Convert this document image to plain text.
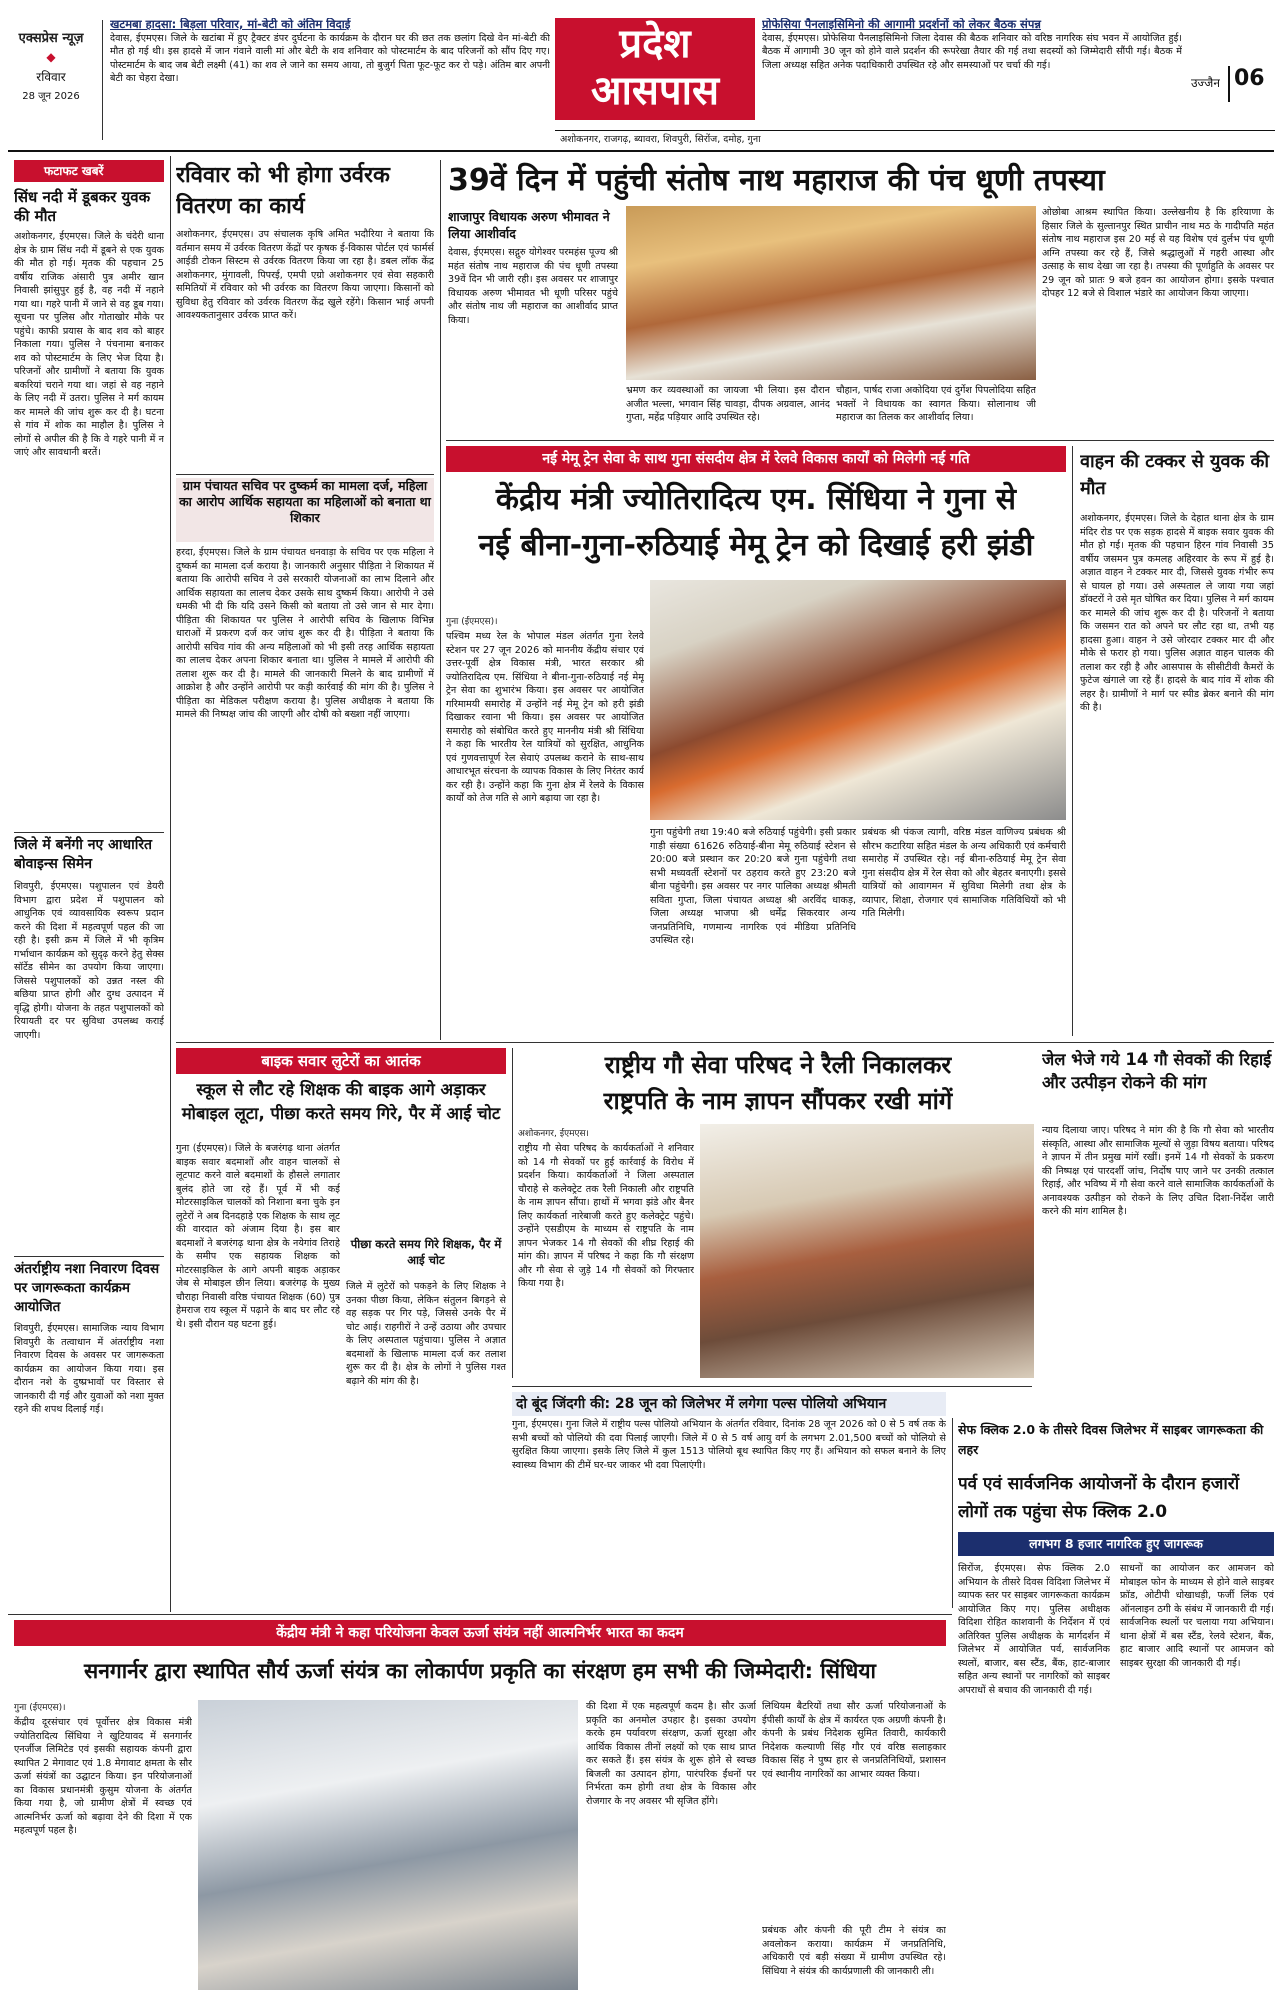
एक्सप्रेस न्यूज़
◆
रविवार
28 जून 2026
खटमबा हादसा: बिड़ला परिवार, मां-बेटी को अंतिम विदाई

देवास, ईएमएस। जिले के खटांबा में हुए ट्रैक्टर डंपर दुर्घटना के कार्यक्रम के दौरान घर की छत तक छलांग दिखे वेन मां-बेटी की मौत हो गई थी। इस हादसे में जान गंवाने वाली मां और बेटी के शव शनिवार को पोस्टमार्टम के बाद परिजनों को सौंप दिए गए। पोस्टमार्टम के बाद जब बेटी लक्ष्मी (41) का शव ले जाने का समय आया, तो बुजुर्ग पिता फूट-फूट कर रो पड़े। अंतिम बार अपनी बेटी का चेहरा देखा।

प्रदेश
आसपास
प्रोफेसिया पैनलाइसिमिनो की आगामी प्रदर्शनों को लेकर बैठक संपन्न

देवास, ईएमएस। प्रोफेसिया पैनलाइसिमिनो जिला देवास की बैठक शनिवार को वरिष्ठ नागरिक संघ भवन में आयोजित हुई। बैठक में आगामी 30 जून को होने वाले प्रदर्शन की रूपरेखा तैयार की गई तथा सदस्यों को जिम्मेदारी सौंपी गई। बैठक में जिला अध्यक्ष सहित अनेक पदाधिकारी उपस्थित रहे और समस्याओं पर चर्चा की गई।

उज्जैन 06
अशोकनगर, राजगढ़, ब्यावरा, शिवपुरी, सिरोंज, दमोह, गुना
फटाफट खबरें
सिंध नदी में डूबकर युवक की मौत
अशोकनगर, ईएमएस। जिले के चंदेरी थाना क्षेत्र के ग्राम सिंध नदी में डूबने से एक युवक की मौत हो गई। मृतक की पहचान 25 वर्षीय राजिक अंसारी पुत्र अमीर खान निवासी झांसुपुर हुई है, वह नदी में नहाने गया था। गहरे पानी में जाने से वह डूब गया। सूचना पर पुलिस और गोताखोर मौके पर पहुंचे। काफी प्रयास के बाद शव को बाहर निकाला गया। पुलिस ने पंचनामा बनाकर शव को पोस्टमार्टम के लिए भेज दिया है। परिजनों और ग्रामीणों ने बताया कि युवक बकरियां चराने गया था। जहां से वह नहाने के लिए नदी में उतरा। पुलिस ने मर्ग कायम कर मामले की जांच शुरू कर दी है। घटना से गांव में शोक का माहौल है। पुलिस ने लोगों से अपील की है कि वे गहरे पानी में न जाएं और सावधानी बरतें।
जिले में बनेंगी नए आधारित बोवाइन्स सिमेन
शिवपुरी, ईएमएस। पशुपालन एवं डेयरी विभाग द्वारा प्रदेश में पशुपालन को आधुनिक एवं व्यावसायिक स्वरूप प्रदान करने की दिशा में महत्वपूर्ण पहल की जा रही है। इसी क्रम में जिले में भी कृत्रिम गर्भाधान कार्यक्रम को सुदृढ़ करने हेतु सेक्स सॉर्टेड सीमेन का उपयोग किया जाएगा। जिससे पशुपालकों को उन्नत नस्ल की बछिया प्राप्त होगी और दुग्ध उत्पादन में वृद्धि होगी। योजना के तहत पशुपालकों को रियायती दर पर सुविधा उपलब्ध कराई जाएगी।
अंतर्राष्ट्रीय नशा निवारण दिवस पर जागरूकता कार्यक्रम आयोजित
शिवपुरी, ईएमएस। सामाजिक न्याय विभाग शिवपुरी के तत्वाधान में अंतर्राष्ट्रीय नशा निवारण दिवस के अवसर पर जागरूकता कार्यक्रम का आयोजन किया गया। इस दौरान नशे के दुष्प्रभावों पर विस्तार से जानकारी दी गई और युवाओं को नशा मुक्त रहने की शपथ दिलाई गई।
रविवार को भी होगा उर्वरक वितरण का कार्य
अशोकनगर, ईएमएस। उप संचालक कृषि अमित भदौरिया ने बताया कि वर्तमान समय में उर्वरक वितरण केंद्रों पर कृषक ई-विकास पोर्टल एवं फार्मर्स आईडी टोकन सिस्टम से उर्वरक वितरण किया जा रहा है। डबल लॉक केंद्र अशोकनगर, मुंगावली, पिपरई, एमपी एग्रो अशोकनगर एवं सेवा सहकारी समितियों में रविवार को भी उर्वरक का वितरण किया जाएगा। किसानों को सुविधा हेतु रविवार को उर्वरक वितरण केंद्र खुले रहेंगे। किसान भाई अपनी आवश्यकतानुसार उर्वरक प्राप्त करें।
ग्राम पंचायत सचिव पर दुष्कर्म का मामला दर्ज, महिला का आरोप आर्थिक सहायता का महिलाओं को बनाता था शिकार
हरदा, ईएमएस। जिले के ग्राम पंचायत धनवाड़ा के सचिव पर एक महिला ने दुष्कर्म का मामला दर्ज कराया है। जानकारी अनुसार पीड़िता ने शिकायत में बताया कि आरोपी सचिव ने उसे सरकारी योजनाओं का लाभ दिलाने और आर्थिक सहायता का लालच देकर उसके साथ दुष्कर्म किया। आरोपी ने उसे धमकी भी दी कि यदि उसने किसी को बताया तो उसे जान से मार देगा। पीड़िता की शिकायत पर पुलिस ने आरोपी सचिव के खिलाफ विभिन्न धाराओं में प्रकरण दर्ज कर जांच शुरू कर दी है। पीड़िता ने बताया कि आरोपी सचिव गांव की अन्य महिलाओं को भी इसी तरह आर्थिक सहायता का लालच देकर अपना शिकार बनाता था। पुलिस ने मामले में आरोपी की तलाश शुरू कर दी है। मामले की जानकारी मिलने के बाद ग्रामीणों में आक्रोश है और उन्होंने आरोपी पर कड़ी कार्रवाई की मांग की है। पुलिस ने पीड़िता का मेडिकल परीक्षण कराया है। पुलिस अधीक्षक ने बताया कि मामले की निष्पक्ष जांच की जाएगी और दोषी को बख्शा नहीं जाएगा।
39वें दिन में पहुंची संतोष नाथ महाराज की पंच धूणी तपस्या
शाजापुर विधायक अरुण भीमावत ने लिया आशीर्वाद
देवास, ईएमएस। सद्गुरु योगेश्वर परमहंस पूज्य श्री महंत संतोष नाथ महाराज की पंच धूणी तपस्या 39वें दिन भी जारी रही। इस अवसर पर शाजापुर विधायक अरुण भीमावत भी धूणी परिसर पहुंचे और संतोष नाथ जी महाराज का आशीर्वाद प्राप्त किया।
भ्रमण कर व्यवस्थाओं का जायजा भी लिया। इस दौरान अजीत भल्ला, भगवान सिंह चावड़ा, दीपक अग्रवाल, आनंद गुप्ता, महेंद्र पड़ियार आदि उपस्थित रहे।
चौहान, पार्षद राजा अकोदिया एवं दुर्गेश पिपलोदिया सहित भक्तों ने विधायक का स्वागत किया। सोलानाथ जी महाराज का तिलक कर आशीर्वाद लिया।
ओछोबा आश्रम स्थापित किया। उल्लेखनीय है कि हरियाणा के हिसार जिले के सुल्तानपुर स्थित प्राचीन नाथ मठ के गादीपति महंत संतोष नाथ महाराज इस 20 मई से यह विशेष एवं दुर्लभ पंच धूणी अग्नि तपस्या कर रहे हैं, जिसे श्रद्धालुओं में गहरी आस्था और उत्साह के साथ देखा जा रहा है। तपस्या की पूर्णाहुति के अवसर पर 29 जून को प्रातः 9 बजे हवन का आयोजन होगा। इसके पश्चात दोपहर 12 बजे से विशाल भंडारे का आयोजन किया जाएगा।
नई मेमू ट्रेन सेवा के साथ गुना संसदीय क्षेत्र में रेलवे विकास कार्यों को मिलेगी नई गति
केंद्रीय मंत्री ज्योतिरादित्य एम. सिंधिया ने गुना से
नई बीना-गुना-रुठियाई मेमू ट्रेन को दिखाई हरी झंडी
गुना (ईएमएस)।
पश्चिम मध्य रेल के भोपाल मंडल अंतर्गत गुना रेलवे स्टेशन पर 27 जून 2026 को माननीय केंद्रीय संचार एवं उत्तर-पूर्वी क्षेत्र विकास मंत्री, भारत सरकार श्री ज्योतिरादित्य एम. सिंधिया ने बीना-गुना-रुठियाई नई मेमू ट्रेन सेवा का शुभारंभ किया। इस अवसर पर आयोजित गरिमामयी समारोह में उन्होंने नई मेमू ट्रेन को हरी झंडी दिखाकर रवाना भी किया। इस अवसर पर आयोजित समारोह को संबोधित करते हुए माननीय मंत्री श्री सिंधिया ने कहा कि भारतीय रेल यात्रियों को सुरक्षित, आधुनिक एवं गुणवत्तापूर्ण रेल सेवाएं उपलब्ध कराने के साथ-साथ आधारभूत संरचना के व्यापक विकास के लिए निरंतर कार्य कर रही है। उन्होंने कहा कि गुना क्षेत्र में रेलवे के विकास कार्यों को तेज गति से आगे बढ़ाया जा रहा है।
गुना पहुंचेगी तथा 19:40 बजे रुठियाई पहुंचेगी। इसी प्रकार गाड़ी संख्या 61626 रुठियाई-बीना मेमू रुठियाई स्टेशन से 20:00 बजे प्रस्थान कर 20:20 बजे गुना पहुंचेगी तथा सभी मध्यवर्ती स्टेशनों पर ठहराव करते हुए 23:20 बजे बीना पहुंचेगी। इस अवसर पर नगर पालिका अध्यक्ष श्रीमती सविता गुप्ता, जिला पंचायत अध्यक्ष श्री अरविंद धाकड़, जिला अध्यक्ष भाजपा श्री धर्मेंद्र सिकरवार अन्य जनप्रतिनिधि, गणमान्य नागरिक एवं मीडिया प्रतिनिधि उपस्थित रहे।
प्रबंधक श्री पंकज त्यागी, वरिष्ठ मंडल वाणिज्य प्रबंधक श्री सौरभ कटारिया सहित मंडल के अन्य अधिकारी एवं कर्मचारी समारोह में उपस्थित रहे। नई बीना-रुठियाई मेमू ट्रेन सेवा गुना संसदीय क्षेत्र में रेल सेवा को और बेहतर बनाएगी। इससे यात्रियों को आवागमन में सुविधा मिलेगी तथा क्षेत्र के व्यापार, शिक्षा, रोजगार एवं सामाजिक गतिविधियों को भी गति मिलेगी।
वाहन की टक्कर से युवक की मौत
अशोकनगर, ईएमएस। जिले के देहात थाना क्षेत्र के ग्राम मंदिर रोड पर एक सड़क हादसे में बाइक सवार युवक की मौत हो गई। मृतक की पहचान हिरन गांव निवासी 35 वर्षीय जसमन पुत्र कमलह अहिरवार के रूप में हुई है। अज्ञात वाहन ने टक्कर मार दी, जिससे युवक गंभीर रूप से घायल हो गया। उसे अस्पताल ले जाया गया जहां डॉक्टरों ने उसे मृत घोषित कर दिया। पुलिस ने मर्ग कायम कर मामले की जांच शुरू कर दी है। परिजनों ने बताया कि जसमन रात को अपने घर लौट रहा था, तभी यह हादसा हुआ। वाहन ने उसे जोरदार टक्कर मार दी और मौके से फरार हो गया। पुलिस अज्ञात वाहन चालक की तलाश कर रही है और आसपास के सीसीटीवी कैमरों के फुटेज खंगाले जा रहे हैं। हादसे के बाद गांव में शोक की लहर है। ग्रामीणों ने मार्ग पर स्पीड ब्रेकर बनाने की मांग की है।
बाइक सवार लुटेरों का आतंक
स्कूल से लौट रहे शिक्षक की बाइक आगे अड़ाकर मोबाइल लूटा, पीछा करते समय गिरे, पैर में आई चोट
गुना (ईएमएस)। जिले के बजरंगढ़ थाना अंतर्गत बाइक सवार बदमाशों और वाहन चालकों से लूटपाट करने वाले बदमाशों के हौसले लगातार बुलंद होते जा रहे हैं। पूर्व में भी कई मोटरसाइकिल चालकों को निशाना बना चुके इन लुटेरों ने अब दिनदहाड़े एक शिक्षक के साथ लूट की वारदात को अंजाम दिया है। इस बार बदमाशों ने बजरंगढ़ थाना क्षेत्र के नयेगांव तिराहे के समीप एक सहायक शिक्षक को मोटरसाइकिल के आगे अपनी बाइक अड़ाकर जेब से मोबाइल छीन लिया। बजरंगढ़ के मुख्य चौराहा निवासी वरिष्ठ पंचायत शिक्षक (60) पुत्र हेमराज राय स्कूल में पढ़ाने के बाद घर लौट रहे थे। इसी दौरान यह घटना हुई।
पीछा करते समय गिरे शिक्षक, पैर में आई चोट
जिले में लुटेरों को पकड़ने के लिए शिक्षक ने उनका पीछा किया, लेकिन संतुलन बिगड़ने से वह सड़क पर गिर पड़े, जिससे उनके पैर में चोट आई। राहगीरों ने उन्हें उठाया और उपचार के लिए अस्पताल पहुंचाया। पुलिस ने अज्ञात बदमाशों के खिलाफ मामला दर्ज कर तलाश शुरू कर दी है। क्षेत्र के लोगों ने पुलिस गश्त बढ़ाने की मांग की है।
राष्ट्रीय गौ सेवा परिषद ने रैली निकालकर
राष्ट्रपति के नाम ज्ञापन सौंपकर रखी मांगें
अशोकनगर, ईएमएस।
राष्ट्रीय गौ सेवा परिषद के कार्यकर्ताओं ने शनिवार को 14 गौ सेवकों पर हुई कार्रवाई के विरोध में प्रदर्शन किया। कार्यकर्ताओं ने जिला अस्पताल चौराहे से कलेक्ट्रेट तक रैली निकाली और राष्ट्रपति के नाम ज्ञापन सौंपा। हाथों में भगवा झंडे और बैनर लिए कार्यकर्ता नारेबाजी करते हुए कलेक्ट्रेट पहुंचे। उन्होंने एसडीएम के माध्यम से राष्ट्रपति के नाम ज्ञापन भेजकर 14 गौ सेवकों की शीघ्र रिहाई की मांग की। ज्ञापन में परिषद ने कहा कि गौ संरक्षण और गौ सेवा से जुड़े 14 गौ सेवकों को गिरफ्तार किया गया है।
जेल भेजे गये 14 गौ सेवकों की रिहाई और उत्पीड़न रोकने की मांग
न्याय दिलाया जाए। परिषद ने मांग की है कि गौ सेवा को भारतीय संस्कृति, आस्था और सामाजिक मूल्यों से जुड़ा विषय बताया। परिषद ने ज्ञापन में तीन प्रमुख मांगें रखीं। इनमें 14 गौ सेवकों के प्रकरण की निष्पक्ष एवं पारदर्शी जांच, निर्दोष पाए जाने पर उनकी तत्काल रिहाई, और भविष्य में गौ सेवा करने वाले सामाजिक कार्यकर्ताओं के अनावश्यक उत्पीड़न को रोकने के लिए उचित दिशा-निर्देश जारी करने की मांग शामिल है।
दो बूंद जिंदगी की: 28 जून को जिलेभर में लगेगा पल्स पोलियो अभियान
गुना, ईएमएस। गुना जिले में राष्ट्रीय पल्स पोलियो अभियान के अंतर्गत रविवार, दिनांक 28 जून 2026 को 0 से 5 वर्ष तक के सभी बच्चों को पोलियो की दवा पिलाई जाएगी। जिले में 0 से 5 वर्ष आयु वर्ग के लगभग 2.01,500 बच्चों को पोलियो से सुरक्षित किया जाएगा। इसके लिए जिले में कुल 1513 पोलियो बूथ स्थापित किए गए हैं। अभियान को सफल बनाने के लिए स्वास्थ्य विभाग की टीमें घर-घर जाकर भी दवा पिलाएंगी।
सेफ क्लिक 2.0 के तीसरे दिवस जिलेभर में साइबर जागरूकता की लहर
पर्व एवं सार्वजनिक आयोजनों के दौरान हजारों लोगों तक पहुंचा सेफ क्लिक 2.0
लगभग 8 हजार नागरिक हुए जागरूक
सिरोंज, ईएमएस। सेफ क्लिक 2.0 अभियान के तीसरे दिवस विदिशा जिलेभर में व्यापक स्तर पर साइबर जागरूकता कार्यक्रम आयोजित किए गए। पुलिस अधीक्षक विदिशा रोहित काशवानी के निर्देशन में एवं अतिरिक्त पुलिस अधीक्षक के मार्गदर्शन में जिलेभर में आयोजित पर्व, सार्वजनिक स्थलों, बाजार, बस स्टैंड, बैंक, हाट-बाजार सहित अन्य स्थानों पर नागरिकों को साइबर अपराधों से बचाव की जानकारी दी गई।
साधनों का आयोजन कर आमजन को मोबाइल फोन के माध्यम से होने वाले साइबर फ्रॉड, ओटीपी धोखाधड़ी, फर्जी लिंक एवं ऑनलाइन ठगी के संबंध में जानकारी दी गई। सार्वजनिक स्थलों पर चलाया गया अभियान। थाना क्षेत्रों में बस स्टैंड, रेलवे स्टेशन, बैंक, हाट बाजार आदि स्थानों पर आमजन को साइबर सुरक्षा की जानकारी दी गई।
केंद्रीय मंत्री ने कहा परियोजना केवल ऊर्जा संयंत्र नहीं आत्मनिर्भर भारत का कदम
सनगार्नर द्वारा स्थापित सौर्य ऊर्जा संयंत्र का लोकार्पण प्रकृति का संरक्षण हम सभी की जिम्मेदारी: सिंधिया
गुना (ईएमएस)।
केंद्रीय दूरसंचार एवं पूर्वोत्तर क्षेत्र विकास मंत्री ज्योतिरादित्य सिंधिया ने खुटियावद में सनगार्नर एनर्जीज लिमिटेड एवं इसकी सहायक कंपनी द्वारा स्थापित 2 मेगावाट एवं 1.8 मेगावाट क्षमता के सौर ऊर्जा संयंत्रों का उद्घाटन किया। इन परियोजनाओं का विकास प्रधानमंत्री कुसुम योजना के अंतर्गत किया गया है, जो ग्रामीण क्षेत्रों में स्वच्छ एवं आत्मनिर्भर ऊर्जा को बढ़ावा देने की दिशा में एक महत्वपूर्ण पहल है।
की दिशा में एक महत्वपूर्ण कदम है। सौर ऊर्जा प्रकृति का अनमोल उपहार है। इसका उपयोग करके हम पर्यावरण संरक्षण, ऊर्जा सुरक्षा और आर्थिक विकास तीनों लक्ष्यों को एक साथ प्राप्त कर सकते हैं। इस संयंत्र के शुरू होने से स्वच्छ बिजली का उत्पादन होगा, पारंपरिक ईंधनों पर निर्भरता कम होगी तथा क्षेत्र के विकास और रोजगार के नए अवसर भी सृजित होंगे।
लिथियम बैटरियों तथा सौर ऊर्जा परियोजनाओं के ईपीसी कार्यों के क्षेत्र में कार्यरत एक अग्रणी कंपनी है। कंपनी के प्रबंध निदेशक सुमित तिवारी, कार्यकारी निदेशक कल्याणी सिंह गौर एवं वरिष्ठ सलाहकार विकास सिंह ने पुष्प हार से जनप्रतिनिधियों, प्रशासन एवं स्थानीय नागरिकों का आभार व्यक्त किया।
प्रबंधक और कंपनी की पूरी टीम ने संयंत्र का अवलोकन कराया। कार्यक्रम में जनप्रतिनिधि, अधिकारी एवं बड़ी संख्या में ग्रामीण उपस्थित रहे। सिंधिया ने संयंत्र की कार्यप्रणाली की जानकारी ली।
